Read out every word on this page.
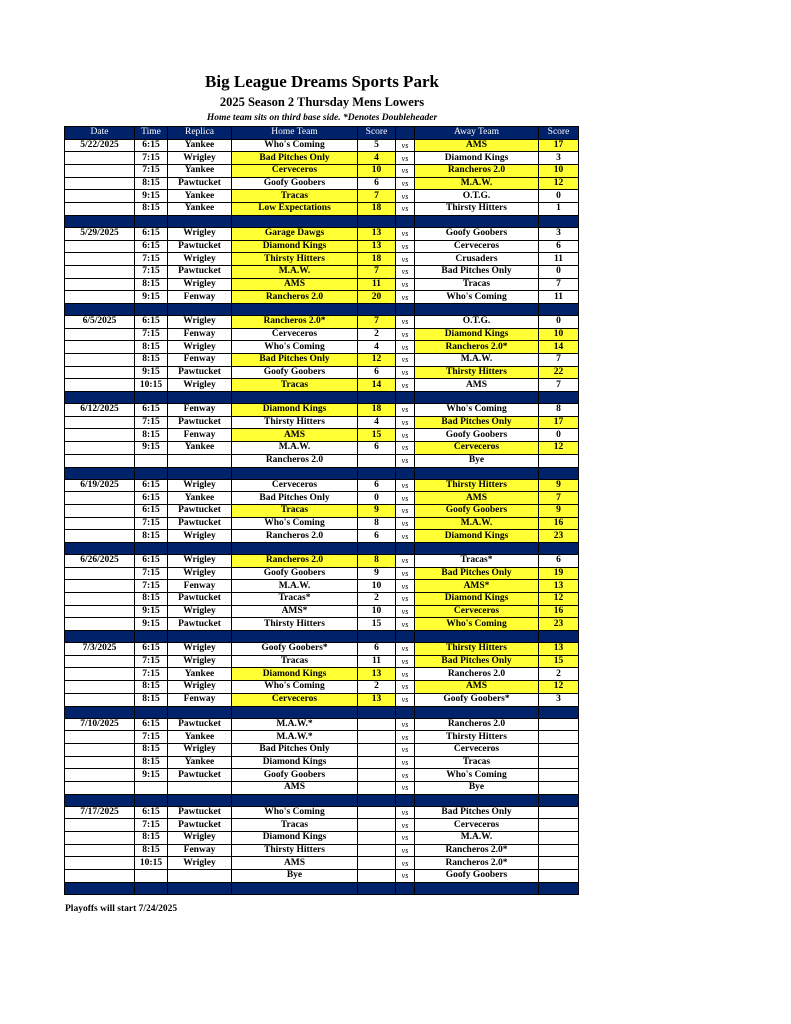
Big League Dreams Sports Park
2025 Season 2 Thursday Mens Lowers
Home team sits on third base side. *Denotes Doubleheader
Date	Time	Replica	Home Team	Score		Away Team	Score
5/22/2025	6:15	Yankee	Who's Coming	5	vs	AMS	17
	7:15	Wrigley	Bad Pitches Only	4	vs	Diamond Kings	3
	7:15	Yankee	Cerveceros	10	vs	Rancheros 2.0	10
	8:15	Pawtucket	Goofy Goobers	6	vs	M.A.W.	12
	9:15	Yankee	Tracas	7	vs	O.T.G.	0
	8:15	Yankee	Low Expectations	18	vs	Thirsty Hitters	1

5/29/2025	6:15	Wrigley	Garage Dawgs	13	vs	Goofy Goobers	3
	6:15	Pawtucket	Diamond Kings	13	vs	Cerveceros	6
	7:15	Wrigley	Thirsty Hitters	18	vs	Crusaders	11
	7:15	Pawtucket	M.A.W.	7	vs	Bad Pitches Only	0
	8:15	Wrigley	AMS	11	vs	Tracas	7
	9:15	Fenway	Rancheros 2.0	20	vs	Who's Coming	11

6/5/2025	6:15	Wrigley	Rancheros 2.0*	7	vs	O.T.G.	0
	7:15	Fenway	Cerveceros	2	vs	Diamond Kings	10
	8:15	Wrigley	Who's Coming	4	vs	Rancheros 2.0*	14
	8:15	Fenway	Bad Pitches Only	12	vs	M.A.W.	7
	9:15	Pawtucket	Goofy Goobers	6	vs	Thirsty Hitters	22
	10:15	Wrigley	Tracas	14	vs	AMS	7

6/12/2025	6:15	Fenway	Diamond Kings	18	vs	Who's Coming	8
	7:15	Pawtucket	Thirsty Hitters	4	vs	Bad Pitches Only	17
	8:15	Fenway	AMS	15	vs	Goofy Goobers	0
	9:15	Yankee	M.A.W.	6	vs	Cerveceros	12
			Rancheros 2.0		vs	Bye	

6/19/2025	6:15	Wrigley	Cerveceros	6	vs	Thirsty Hitters	9
	6:15	Yankee	Bad Pitches Only	0	vs	AMS	7
	6:15	Pawtucket	Tracas	9	vs	Goofy Goobers	9
	7:15	Pawtucket	Who's Coming	8	vs	M.A.W.	16
	8:15	Wrigley	Rancheros 2.0	6	vs	Diamond Kings	23

6/26/2025	6:15	Wrigley	Rancheros 2.0	8	vs	Tracas*	6
	7:15	Wrigley	Goofy Goobers	9	vs	Bad Pitches Only	19
	7:15	Fenway	M.A.W.	10	vs	AMS*	13
	8:15	Pawtucket	Tracas*	2	vs	Diamond Kings	12
	9:15	Wrigley	AMS*	10	vs	Cerveceros	16
	9:15	Pawtucket	Thirsty Hitters	15	vs	Who's Coming	23

7/3/2025	6:15	Wrigley	Goofy Goobers*	6	vs	Thirsty Hitters	13
	7:15	Wrigley	Tracas	11	vs	Bad Pitches Only	15
	7:15	Yankee	Diamond Kings	13	vs	Rancheros 2.0	2
	8:15	Wrigley	Who's Coming	2	vs	AMS	12
	8:15	Fenway	Cerveceros	13	vs	Goofy Goobers*	3

7/10/2025	6:15	Pawtucket	M.A.W.*		vs	Rancheros 2.0	
	7:15	Yankee	M.A.W.*		vs	Thirsty Hitters	
	8:15	Wrigley	Bad Pitches Only		vs	Cerveceros	
	8:15	Yankee	Diamond Kings		vs	Tracas	
	9:15	Pawtucket	Goofy Goobers		vs	Who's Coming	
			AMS		vs	Bye	

7/17/2025	6:15	Pawtucket	Who's Coming		vs	Bad Pitches Only	
	7:15	Pawtucket	Tracas		vs	Cerveceros	
	8:15	Wrigley	Diamond Kings		vs	M.A.W.	
	8:15	Fenway	Thirsty Hitters		vs	Rancheros 2.0*	
	10:15	Wrigley	AMS		vs	Rancheros 2.0*	
			Bye		vs	Goofy Goobers	

Playoffs will start 7/24/2025
